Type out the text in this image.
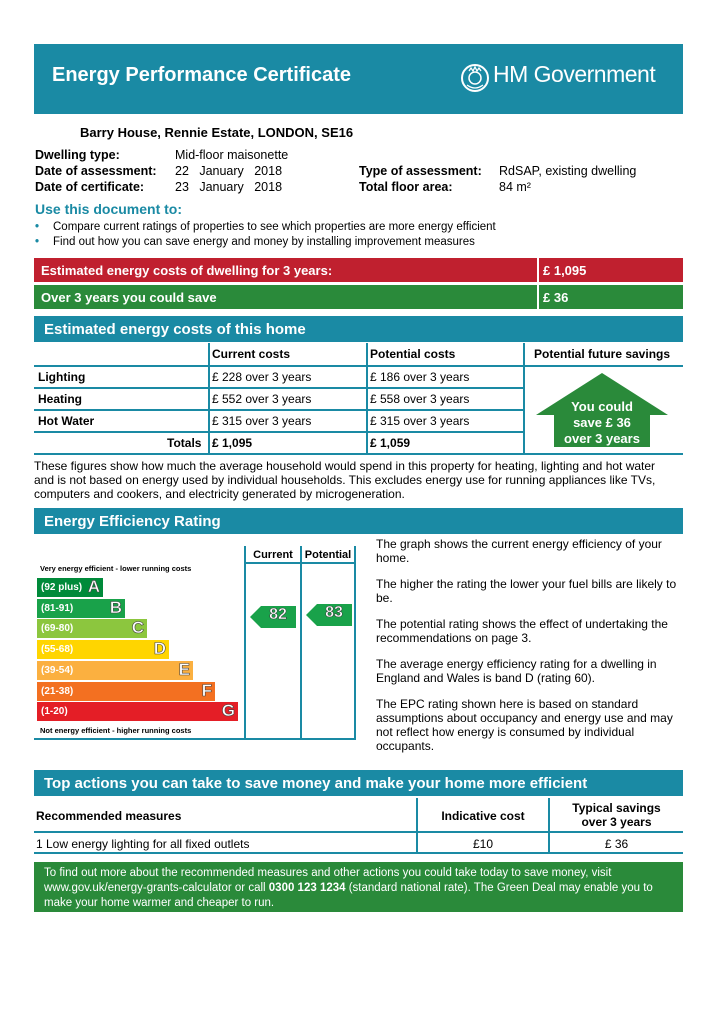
Energy Performance Certificate	HM Government
Barry House, Rennie Estate, LONDON, SE16
Dwelling type:	Mid-floor maisonette
Date of assessment: 22   January   2018
Date of certificate: 23   January   2018
Type of assessment: RdSAP, existing dwelling
Total floor area:	84 m²
Use this document to:
• Compare current ratings of properties to see which properties are more energy efficient
• Find out how you can save energy and money by installing improvement measures
Estimated energy costs of dwelling for 3 years:	£ 1,095
Over 3 years you could save	£ 36
Estimated energy costs of this home
Current costs	Potential costs	Potential future savings
Lighting	£ 228 over 3 years	£ 186 over 3 years
Heating	£ 552 over 3 years	£ 558 over 3 years
Hot Water	£ 315 over 3 years	£ 315 over 3 years
Totals £ 1,095	£ 1,059
You could
save £ 36
over 3 years
These figures show how much the average household would spend in this property for heating, lighting and hot water and is not based on energy used by individual households. This excludes energy use for running appliances like TVs, computers and cookers, and electricity generated by microgeneration.
Energy Efficiency Rating
Current	Potential
Very energy efficient - lower running costs
Not energy efficient - higher running costs
(92 plus) A
(81-91) B
(69-80)	C
(55-68)	D
(39-54)	E
(21-38)	F
(1-20)	G
82	83

The graph shows the current energy efficiency of your home.

The higher the rating the lower your fuel bills are likely to be.

The potential rating shows the effect of undertaking the recommendations on page 3.

The average energy efficiency rating for a dwelling in England and Wales is band D (rating 60).

The EPC rating shown here is based on standard assumptions about occupancy and energy use and may not reflect how energy is consumed by individual occupants.

Top actions you can take to save money and make your home more efficient
Recommended measures	Indicative cost
Typical savings
over 3 years
1 Low energy lighting for all fixed outlets	£10	£ 36
To find out more about the recommended measures and other actions you could take today to save money, visit www.gov.uk/energy-grants-calculator or call 0300 123 1234 (standard national rate). The Green Deal may enable you to make your home warmer and cheaper to run.
